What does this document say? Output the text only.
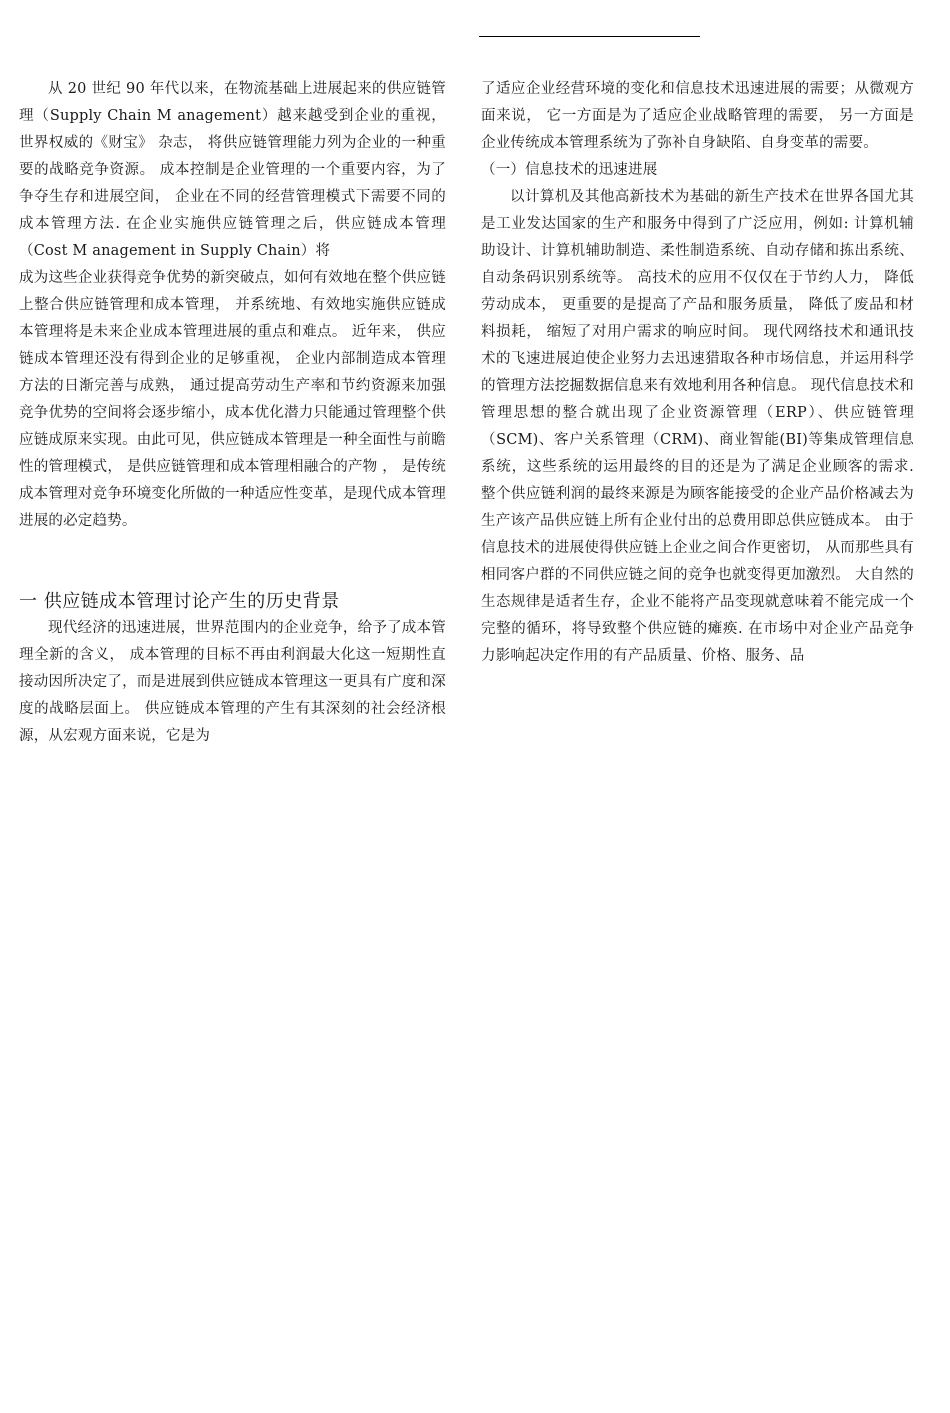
从 20 世纪 90 年代以来，在物流基础上进展起来的供应链管理（Supply Chain M anagement）越来越受到企业的重视，世界权威的《财宝》 杂志， 将供应链管理能力列为企业的一种重要的战略竞争资源。 成本控制是企业管理的一个重要内容，为了争夺生存和进展空间， 企业在不同的经营管理模式下需要不同的成本管理方法. 在企业实施供应链管理之后，供应链成本管理（Cost M anagement in Supply Chain）将

成为这些企业获得竞争优势的新突破点，如何有效地在整个供应链上整合供应链管理和成本管理， 并系统地、有效地实施供应链成本管理将是未来企业成本管理进展的重点和难点。 近年来， 供应链成本管理还没有得到企业的足够重视， 企业内部制造成本管理方法的日渐完善与成熟， 通过提高劳动生产率和节约资源来加强竞争优势的空间将会逐步缩小，成本优化潜力只能通过管理整个供应链成原来实现。由此可见，供应链成本管理是一种全面性与前瞻性的管理模式， 是供应链管理和成本管理相融合的产物 ， 是传统成本管理对竞争环境变化所做的一种适应性变革，是现代成本管理进展的必定趋势。

一 供应链成本管理讨论产生的历史背景

现代经济的迅速进展，世界范围内的企业竞争，给予了成本管理全新的含义， 成本管理的目标不再由利润最大化这一短期性直接动因所决定了，而是进展到供应链成本管理这一更具有广度和深度的战略层面上。 供应链成本管理的产生有其深刻的社会经济根源，从宏观方面来说，它是为

了适应企业经营环境的变化和信息技术迅速进展的需要；从微观方面来说， 它一方面是为了适应企业战略管理的需要， 另一方面是企业传统成本管理系统为了弥补自身缺陷、自身变革的需要。

（一）信息技术的迅速进展

以计算机及其他高新技术为基础的新生产技术在世界各国尤其是工业发达国家的生产和服务中得到了广泛应用，例如: 计算机辅助设计、计算机辅助制造、柔性制造系统、自动存储和拣出系统、自动条码识别系统等。 高技术的应用不仅仅在于节约人力， 降低劳动成本， 更重要的是提高了产品和服务质量， 降低了废品和材料损耗， 缩短了对用户需求的响应时间。 现代网络技术和通讯技术的飞速进展迫使企业努力去迅速猎取各种市场信息，并运用科学的管理方法挖掘数据信息来有效地利用各种信息。 现代信息技术和管理思想的整合就出现了企业资源管理（ERP）、供应链管理（SCM)、客户关系管理（CRM)、商业智能(BI)等集成管理信息系统，这些系统的运用最终的目的还是为了满足企业顾客的需求. 整个供应链利润的最终来源是为顾客能接受的企业产品价格减去为生产该产品供应链上所有企业付出的总费用即总供应链成本。 由于信息技术的进展使得供应链上企业之间合作更密切， 从而那些具有相同客户群的不同供应链之间的竞争也就变得更加激烈。 大自然的生态规律是适者生存，企业不能将产品变现就意味着不能完成一个完整的循环，将导致整个供应链的瘫痪. 在市场中对企业产品竞争力影响起决定作用的有产品质量、价格、服务、品
